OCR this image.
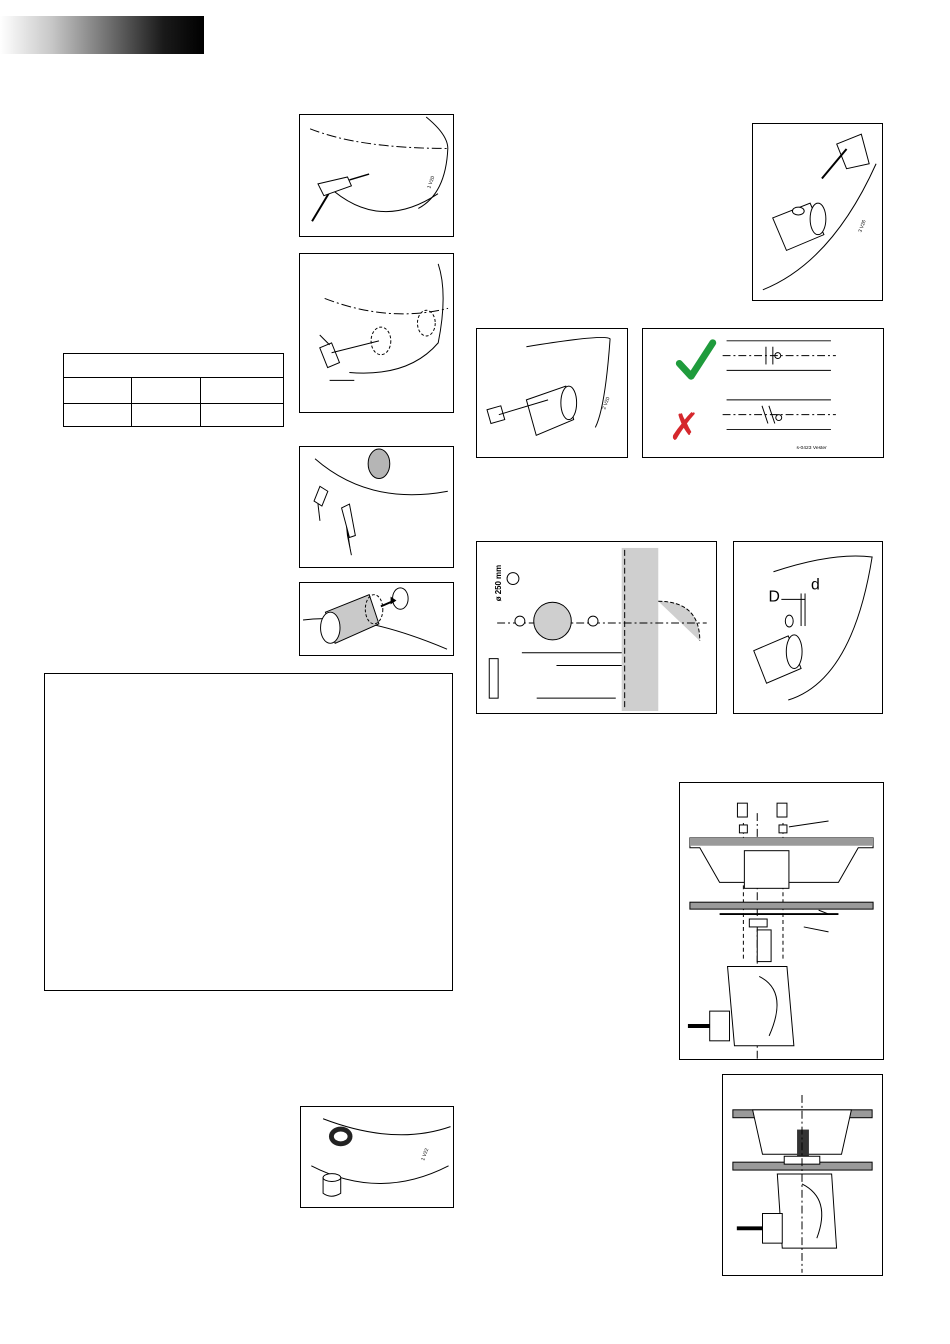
1 V20

1 V22
3 V26
2 V20
✗
s-0423 Vester
ø 250 mm	D
d
